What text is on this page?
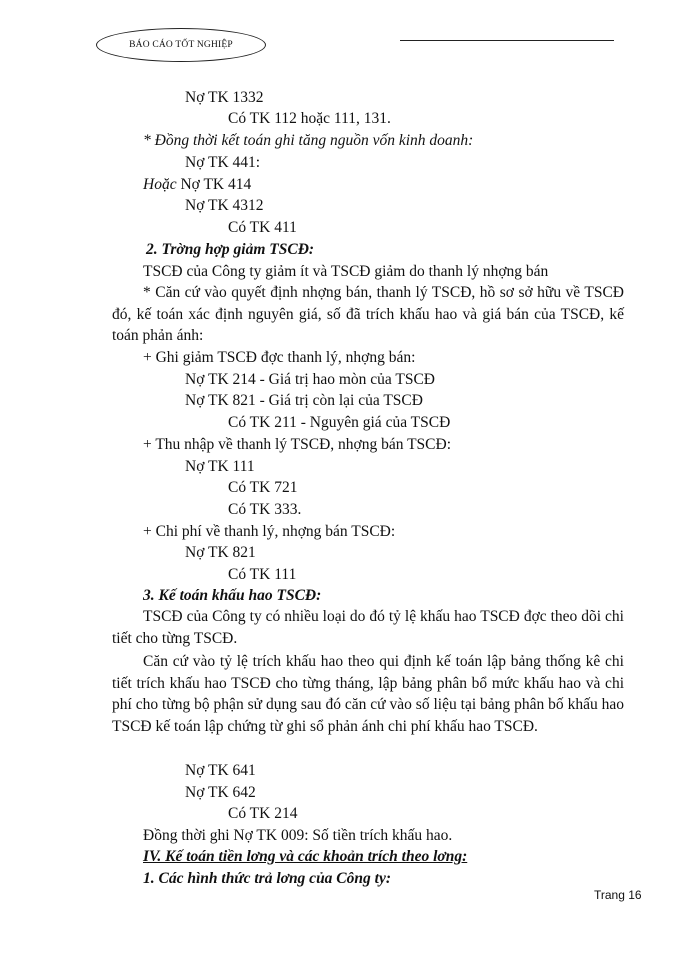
BÁO CÁO TỐT NGHIỆP
Nợ TK 1332
Có TK 112 hoặc 111, 131.
* Đồng thời kết toán ghi tăng nguồn vốn kinh doanh:
Nợ TK 441:
Hoặc Nợ TK 414
Nợ TK 4312
Có TK 411
2. Trờng hợp giảm TSCĐ:
TSCĐ của Công ty giảm ít và TSCĐ giảm do thanh lý nhợng bán
* Căn cứ vào quyết định nhợng bán, thanh lý TSCĐ, hồ sơ sở hữu về TSCĐ đó, kế toán xác định nguyên giá, số đã trích khấu hao và giá bán của TSCĐ, kế toán phản ánh:
+ Ghi giảm TSCĐ đợc thanh lý, nhợng bán:
Nợ TK 214 - Giá trị hao mòn của TSCĐ
Nợ TK 821 - Giá trị còn lại của TSCĐ
Có TK 211 - Nguyên giá của TSCĐ
+ Thu nhập về thanh lý TSCĐ, nhợng bán TSCĐ:
Nợ TK 111
Có TK 721
Có TK 333.
+ Chi phí về thanh lý, nhợng bán TSCĐ:
Nợ TK 821
Có TK 111
3. Kế toán khấu hao TSCĐ:
TSCĐ của Công ty có nhiều loại do đó tỷ lệ khấu hao TSCĐ đợc theo dõi chi tiết cho từng TSCĐ.
Căn cứ vào tỷ lệ trích khấu hao theo qui định kế toán lập bảng thống kê chi tiết trích khấu hao TSCĐ cho từng tháng, lập bảng phân bổ mức khấu hao và chi phí cho từng bộ phận sử dụng sau đó căn cứ vào số liệu tại bảng phân bố khấu hao TSCĐ kế toán lập chứng từ ghi sổ phản ánh chi phí khấu hao TSCĐ.
Nợ TK 641
Nợ TK 642
Có TK 214
Đồng thời ghi Nợ TK 009: Số tiền trích khấu hao.
IV. Kế toán tiền lơng và các khoản trích theo lơng:
1. Các hình thức trả lơng của Công ty:
Trang 16
